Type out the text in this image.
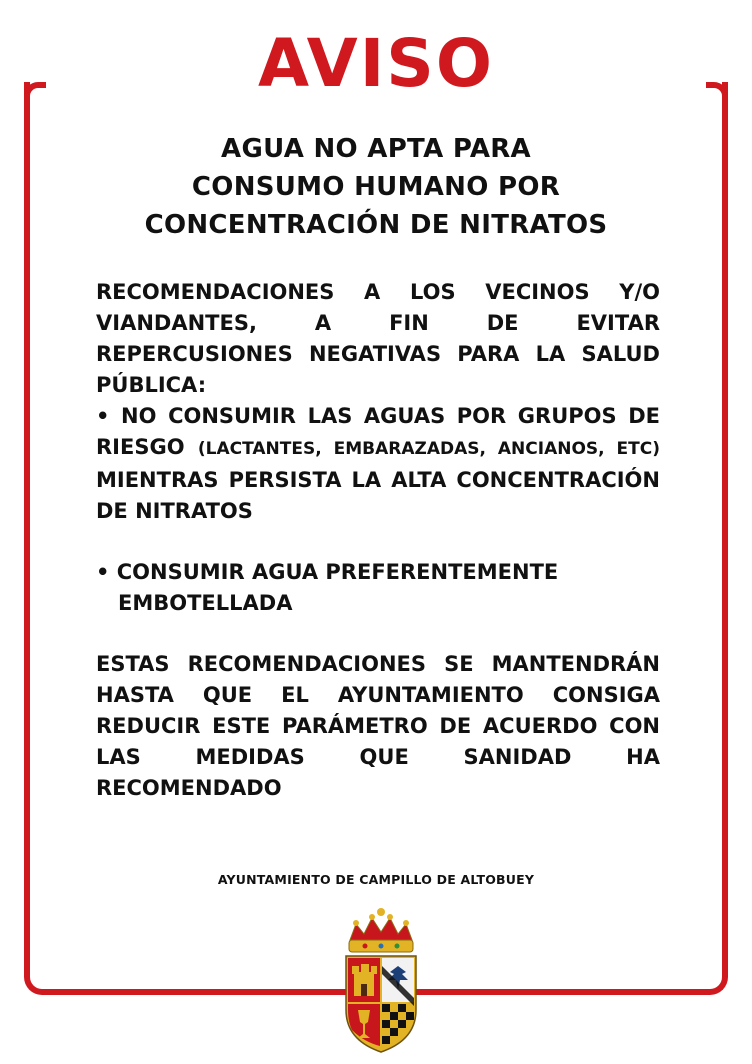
AVISO
AGUA NO APTA PARA
CONSUMO HUMANO POR
CONCENTRACIÓN DE NITRATOS
RECOMENDACIONES A LOS VECINOS Y/O VIANDANTES, A FIN DE EVITAR REPERCUSIONES NEGATIVAS PARA LA SALUD PÚBLICA:
• NO CONSUMIR LAS AGUAS POR GRUPOS DE RIESGO (LACTANTES, EMBARAZADAS, ANCIANOS, ETC) MIENTRAS PERSISTA LA ALTA CONCENTRACIÓN DE NITRATOS
• CONSUMIR AGUA PREFERENTEMENTE
EMBOTELLADA
ESTAS RECOMENDACIONES SE MANTENDRÁN HASTA QUE EL AYUNTAMIENTO CONSIGA REDUCIR ESTE PARÁMETRO DE ACUERDO CON LAS MEDIDAS QUE SANIDAD HA RECOMENDADO
AYUNTAMIENTO DE CAMPILLO DE ALTOBUEY
